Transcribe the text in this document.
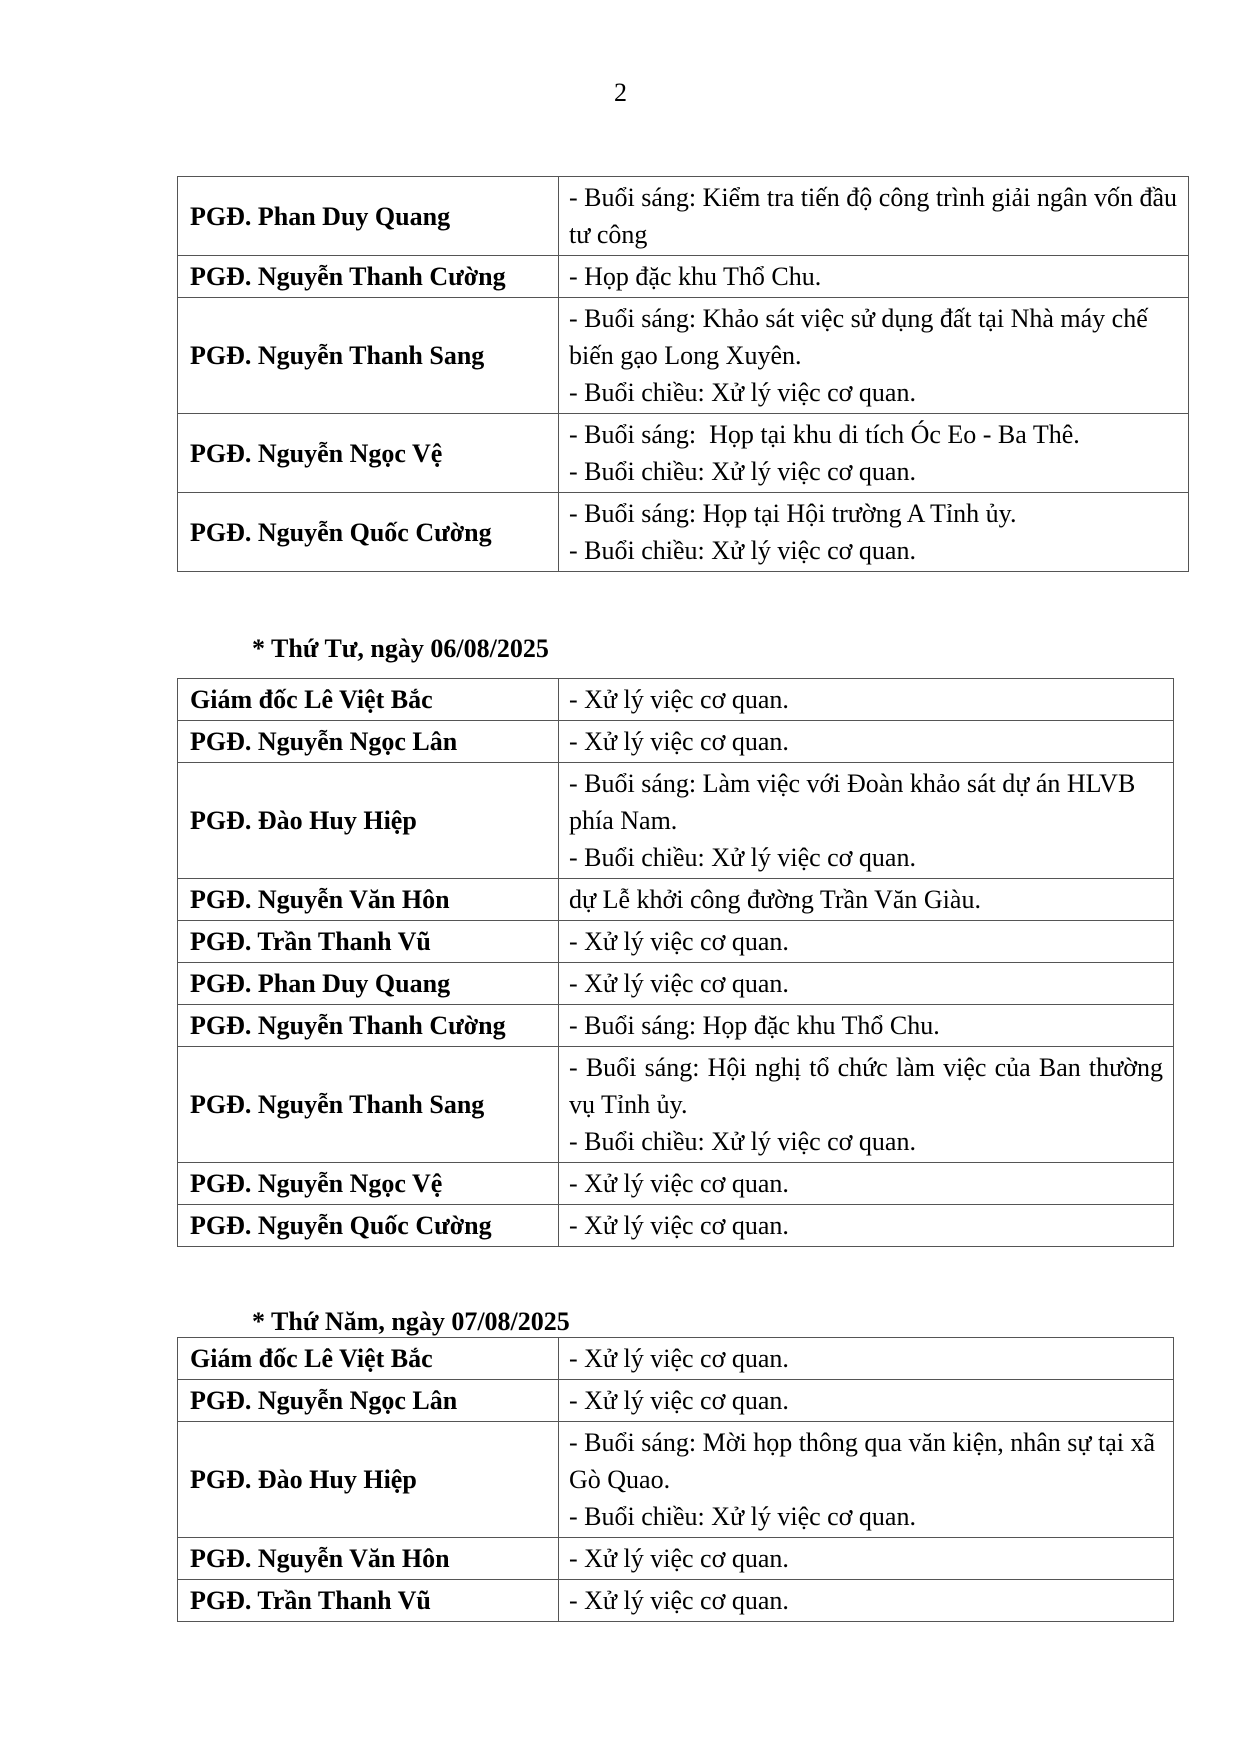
2
PGĐ. Phan Duy Quang	- Buổi sáng: Kiểm tra tiến độ công trình giải ngân vốn đầu tư công

PGĐ. Nguyễn Thanh Cường	- Họp đặc khu Thổ Chu.

PGĐ. Nguyễn Thanh Sang	- Buổi sáng: Khảo sát việc sử dụng đất tại Nhà máy chế biến gạo Long Xuyên.
- Buổi chiều: Xử lý việc cơ quan.

PGĐ. Nguyễn Ngọc Vệ	- Buổi sáng:  Họp tại khu di tích Óc Eo - Ba Thê.
- Buổi chiều: Xử lý việc cơ quan.

PGĐ. Nguyễn Quốc Cường	- Buổi sáng: Họp tại Hội trường A Tỉnh ủy.
- Buổi chiều: Xử lý việc cơ quan.
* Thứ Tư, ngày 06/08/2025
Giám đốc Lê Việt Bắc	- Xử lý việc cơ quan.

PGĐ. Nguyễn Ngọc Lân	- Xử lý việc cơ quan.

PGĐ. Đào Huy Hiệp	- Buổi sáng: Làm việc với Đoàn khảo sát dự án HLVB phía Nam.
- Buổi chiều: Xử lý việc cơ quan.

PGĐ. Nguyễn Văn Hôn	dự Lễ khởi công đường Trần Văn Giàu.

PGĐ. Trần Thanh Vũ	- Xử lý việc cơ quan.

PGĐ. Phan Duy Quang	- Xử lý việc cơ quan.

PGĐ. Nguyễn Thanh Cường	- Buổi sáng: Họp đặc khu Thổ Chu.

PGĐ. Nguyễn Thanh Sang	- Buổi sáng: Hội nghị tổ chức làm việc của Ban thường vụ Tỉnh ủy.
- Buổi chiều: Xử lý việc cơ quan.

PGĐ. Nguyễn Ngọc Vệ	- Xử lý việc cơ quan.

PGĐ. Nguyễn Quốc Cường	- Xử lý việc cơ quan.
* Thứ Năm, ngày 07/08/2025
Giám đốc Lê Việt Bắc	- Xử lý việc cơ quan.

PGĐ. Nguyễn Ngọc Lân	- Xử lý việc cơ quan.

PGĐ. Đào Huy Hiệp	- Buổi sáng: Mời họp thông qua văn kiện, nhân sự tại xã Gò Quao.
- Buổi chiều: Xử lý việc cơ quan.

PGĐ. Nguyễn Văn Hôn	- Xử lý việc cơ quan.

PGĐ. Trần Thanh Vũ	- Xử lý việc cơ quan.
